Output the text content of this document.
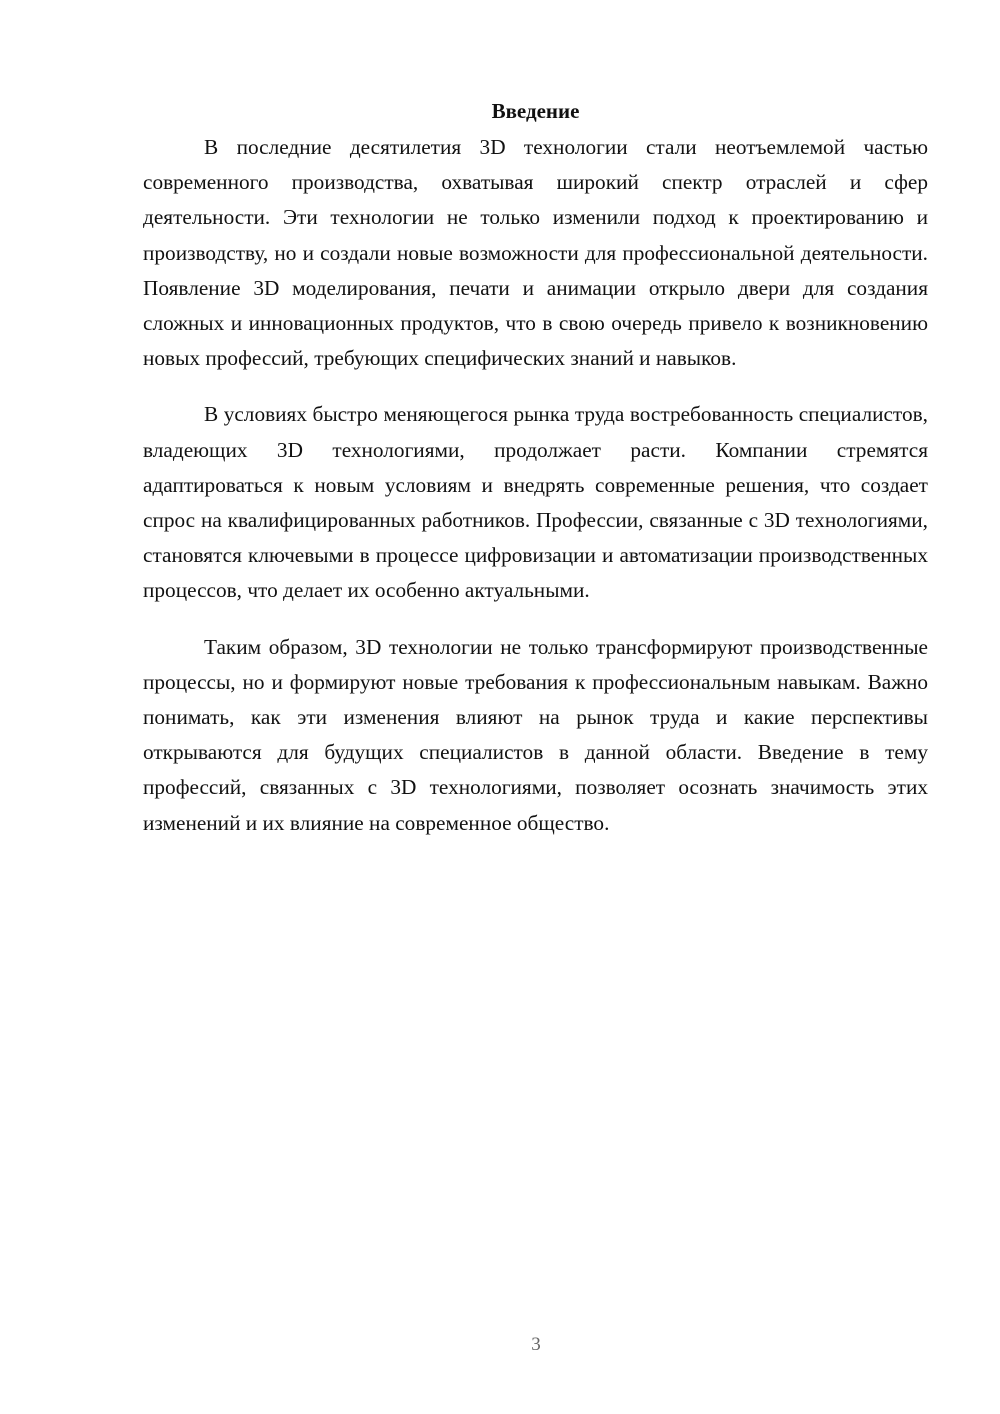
Введение

В последние десятилетия 3D технологии стали неотъемлемой частью современного производства, охватывая широкий спектр отраслей и сфер деятельности. Эти технологии не только изменили подход к проектированию и производству, но и создали новые возможности для профессиональной деятельности. Появление 3D моделирования, печати и анимации открыло двери для создания сложных и инновационных продуктов, что в свою очередь привело к возникновению новых профессий, требующих специфических знаний и навыков.

В условиях быстро меняющегося рынка труда востребованность специалистов, владеющих 3D технологиями, продолжает расти. Компании стремятся адаптироваться к новым условиям и внедрять современные решения, что создает спрос на квалифицированных работников. Профессии, связанные с 3D технологиями, становятся ключевыми в процессе цифровизации и автоматизации производственных процессов, что делает их особенно актуальными.

Таким образом, 3D технологии не только трансформируют производственные процессы, но и формируют новые требования к профессиональным навыкам. Важно понимать, как эти изменения влияют на рынок труда и какие перспективы открываются для будущих специалистов в данной области. Введение в тему профессий, связанных с 3D технологиями, позволяет осознать значимость этих изменений и их влияние на современное общество.

3
